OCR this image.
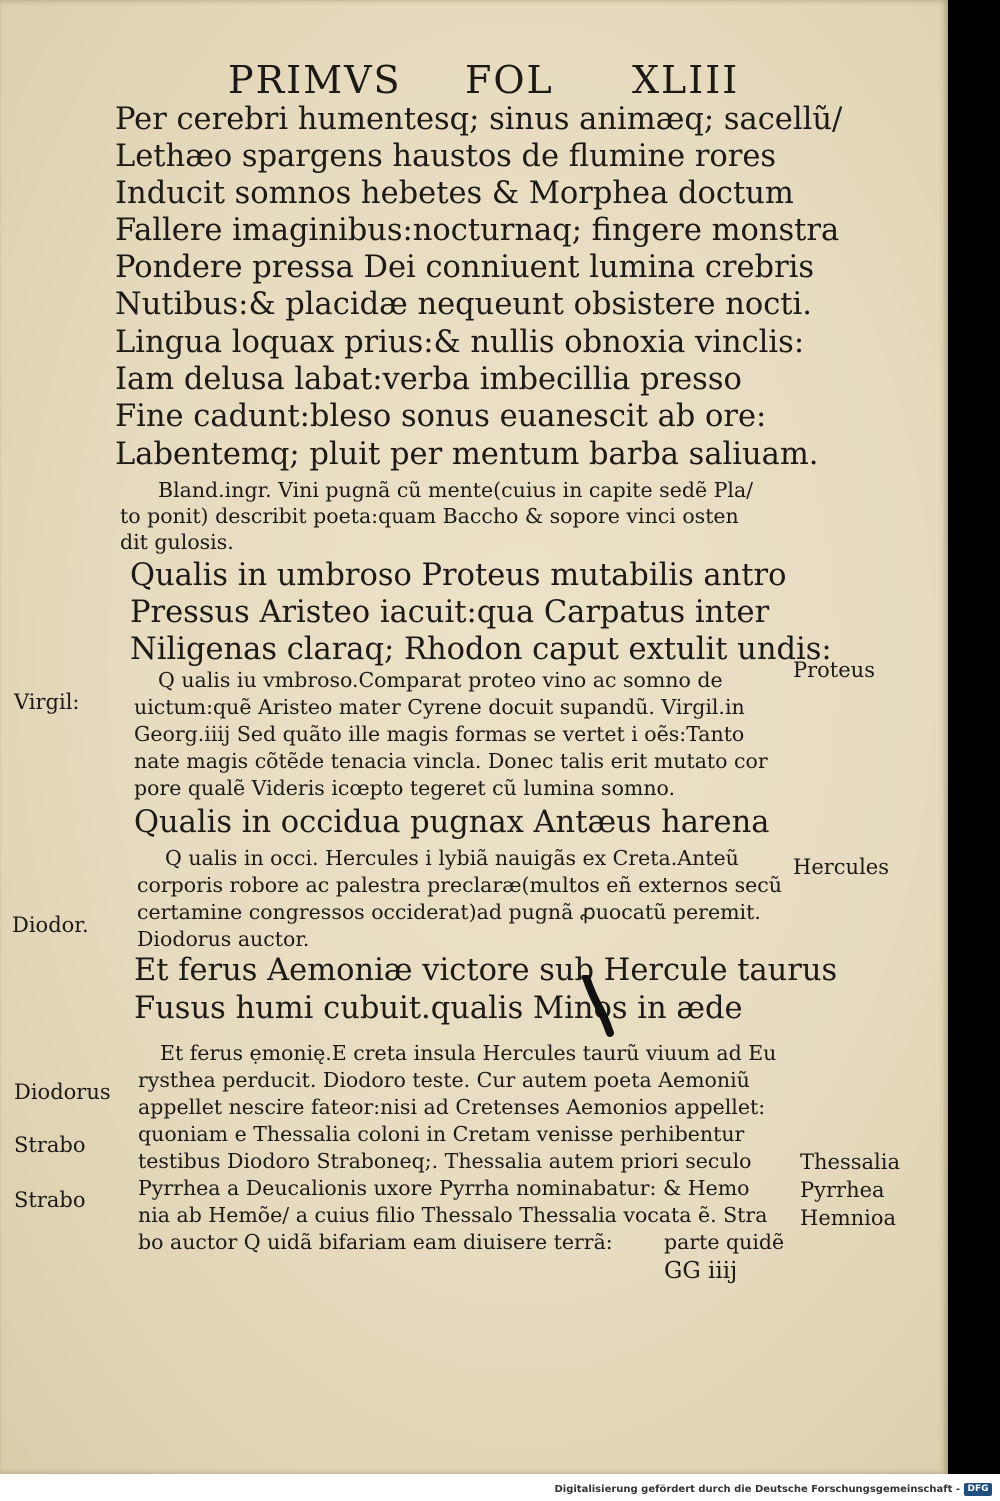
PRIMVS FOL XLIII
Per cerebri humentesq; sinus animæq; sacellũ/
Lethæo spargens haustos de flumine rores
Inducit somnos hebetes & Morphea doctum
Fallere imaginibus:nocturnaq; fingere monstra
Pondere pressa Dei conniuent lumina crebris
Nutibus:& placidæ nequeunt obsistere nocti.
Lingua loquax prius:& nullis obnoxia vinclis:
Iam delusa labat:verba imbecillia presso
Fine cadunt:bleso sonus euanescit ab ore:
Labentemq; pluit per mentum barba saliuam.
Bland.ingr. Vini pugnã cũ mente(cuius in capite sedẽ Pla/
to ponit) describit poeta:quam Baccho & sopore vinci osten
dit gulosis.
Qualis in umbroso Proteus mutabilis antro
Pressus Aristeo iacuit:qua Carpatus inter
Niligenas claraq; Rhodon caput extulit undis:
Q ualis iu vmbroso.Comparat proteo vino ac somno de
uictum:quẽ Aristeo mater Cyrene docuit supandũ. Virgil.in
Georg.iiij Sed quãto ille magis formas se vertet i oẽs:Tanto
nate magis cõtẽde tenacia vincla. Donec talis erit mutato cor
pore qualẽ Videris icœpto tegeret cũ lumina somno.
Qualis in occidua pugnax Antæus harena
Q ualis in occi. Hercules i lybiã nauigãs ex Creta.Anteũ
corporis robore ac palestra preclaræ(multos eñ externos secũ
certamine congressos occiderat)ad pugnã ꝓuocatũ peremit.
Diodorus auctor.
Et ferus Aemoniæ victore sub Hercule taurus
Fusus humi cubuit.qualis Minos in æde
Et ferus ẹmonię.E creta insula Hercules taurũ viuum ad Eu
rysthea perducit. Diodoro teste. Cur autem poeta Aemoniũ
appellet nescire fateor:nisi ad Cretenses Aemonios appellet:
quoniam e Thessalia coloni in Cretam venisse perhibentur
testibus Diodoro Straboneq;. Thessalia autem priori seculo
Pyrrhea a Deucalionis uxore Pyrrha nominabatur: & Hemo
nia ab Hemõe/ a cuius filio Thessalo Thessalia vocata ẽ. Stra
bo auctor Q uidã bifariam eam diuisere terrã:	parte quidẽ
GG iiij
Virgil:
Diodor.
Diodorus
Strabo
Strabo
Proteus
Hercules
Thessalia
Pyrrhea
Hemnioa
Digitalisierung gefördert durch die Deutsche Forschungsgemeinschaft - DFG
